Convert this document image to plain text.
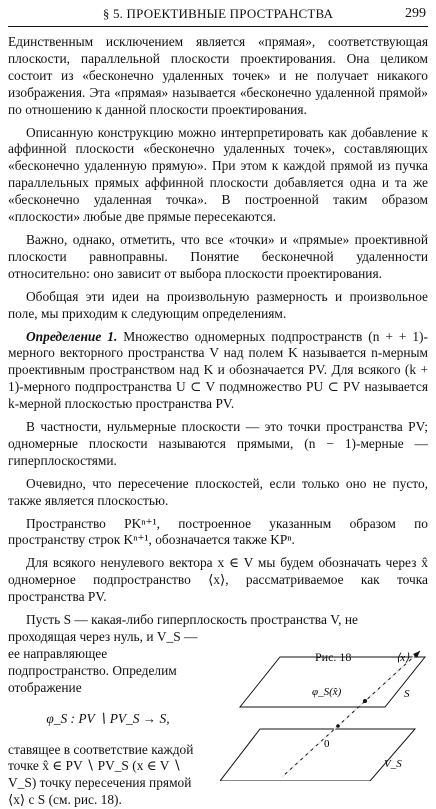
§ 5. ПРОЕКТИВНЫЕ ПРОСТРАНСТВА	299

Единственным исключением является «прямая», соответствующая плоскости, параллельной плоскости проектирования. Она целиком состоит из «бесконечно удаленных точек» и не получает никакого изображения. Эта «прямая» называется «бесконечно удаленной прямой» по отношению к данной плоскости проектирования.

Описанную конструкцию можно интерпретировать как добавление к аффинной плоскости «бесконечно удаленных точек», составляющих «бесконечно удаленную прямую». При этом к каждой прямой из пучка параллельных прямых аффинной плоскости добавляется одна и та же «бесконечно удаленная точка». В построенной таким образом «плоскости» любые две прямые пересекаются.

Важно, однако, отметить, что все «точки» и «прямые» проективной плоскости равноправны. Понятие бесконечной удаленности относительно: оно зависит от выбора плоскости проектирования.

Обобщая эти идеи на произвольную размерность и произвольное поле, мы приходим к следующим определениям.

Определение 1. Множество одномерных подпространств (n + + 1)-мерного векторного пространства V над полем K называется n-мерным проективным пространством над K и обозначается PV. Для всякого (k + 1)-мерного подпространства U ⊂ V подмножество PU ⊂ PV называется k-мерной плоскостью пространства PV.

В частности, нульмерные плоскости — это точки пространства PV; одномерные плоскости называются прямыми, (n − 1)-мерные — гиперплоскостями.

Очевидно, что пересечение плоскостей, если только оно не пусто, также является плоскостью.

Пространство PKⁿ⁺¹, построенное указанным образом по пространству строк Kⁿ⁺¹, обозначается также KPⁿ.

Для всякого ненулевого вектора x ∈ V мы будем обозначать через x̂ одномерное подпространство ⟨x⟩, рассматриваемое как точка пространства PV.

Пусть S — какая-либо гиперплоскость пространства V, не

проходящая через нуль, и V_S — ее направляющее подпространство. Определим отображение

φ_S : PV ∖ PV_S → S,

ставящее в соответствие каждой точке x̂ ∈ PV ∖ PV_S (x ∈ V ∖ V_S) точку пересечения прямой ⟨x⟩ с S (см. рис. 18).

⟨x⟩
φ_S(x̂)	S
V_S
0
Рис. 18
